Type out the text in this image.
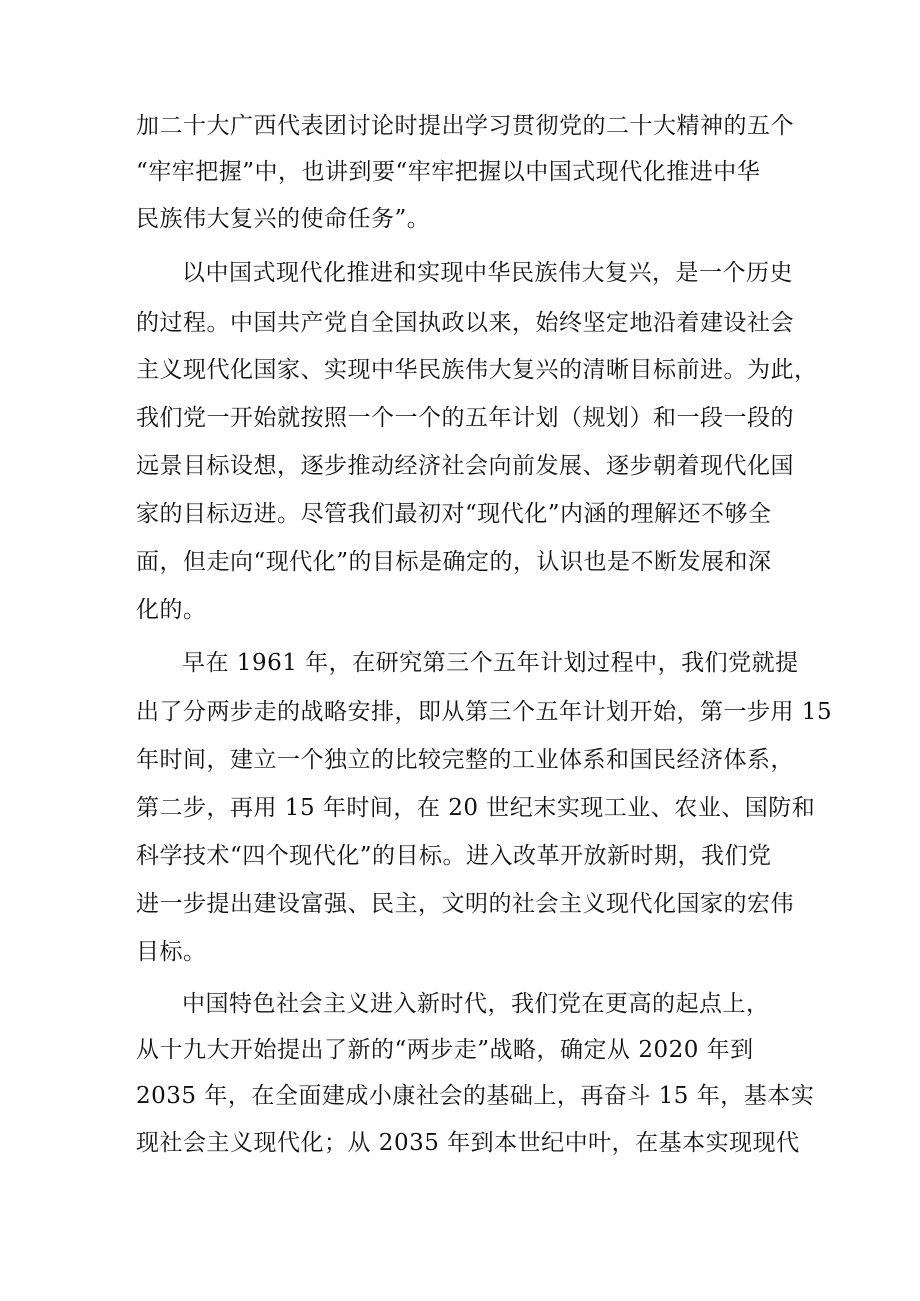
加二十大广西代表团讨论时提出学习贯彻党的二十大精神的五个
“牢牢把握”中，也讲到要“牢牢把握以中国式现代化推进中华
民族伟大复兴的使命任务”。
以中国式现代化推进和实现中华民族伟大复兴，是一个历史
的过程。中国共产党自全国执政以来，始终坚定地沿着建设社会
主义现代化国家、实现中华民族伟大复兴的清晰目标前进。为此，
我们党一开始就按照一个一个的五年计划（规划）和一段一段的
远景目标设想，逐步推动经济社会向前发展、逐步朝着现代化国
家的目标迈进。尽管我们最初对“现代化”内涵的理解还不够全
面，但走向“现代化”的目标是确定的，认识也是不断发展和深
化的。
早在 1961 年，在研究第三个五年计划过程中，我们党就提
出了分两步走的战略安排，即从第三个五年计划开始，第一步用 15
年时间，建立一个独立的比较完整的工业体系和国民经济体系，
第二步，再用 15 年时间，在 20 世纪末实现工业、农业、国防和
科学技术“四个现代化”的目标。进入改革开放新时期，我们党
进一步提出建设富强、民主，文明的社会主义现代化国家的宏伟
目标。
中国特色社会主义进入新时代，我们党在更高的起点上，
从十九大开始提出了新的“两步走”战略，确定从 2020 年到
2035 年，在全面建成小康社会的基础上，再奋斗 15 年，基本实
现社会主义现代化；从 2035 年到本世纪中叶，在基本实现现代
